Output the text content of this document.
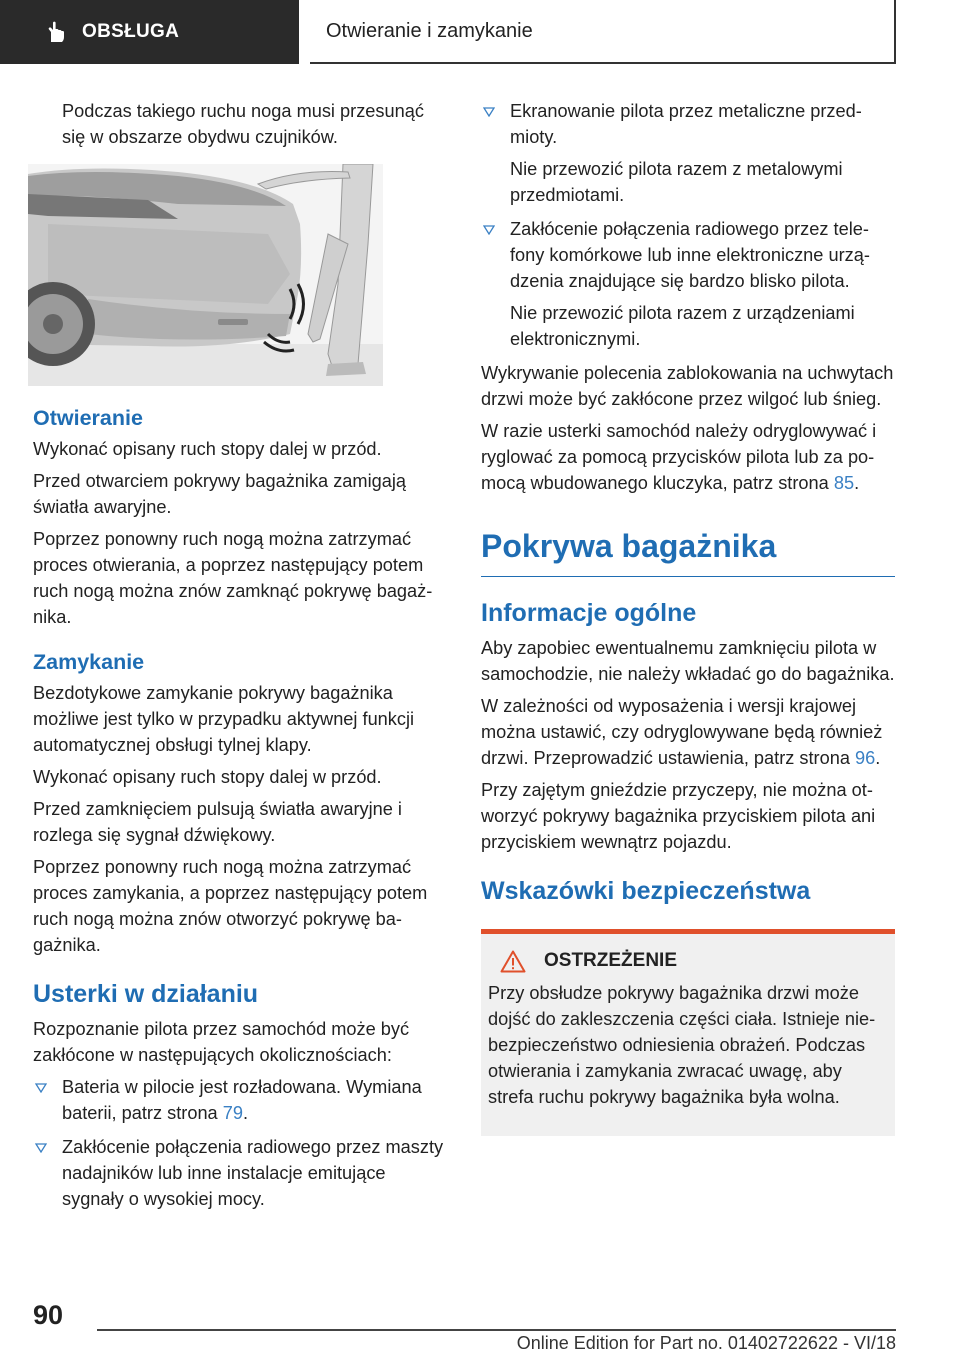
OBSŁUGA	Otwieranie i zamykanie

Podczas takiego ruchu noga musi przesunąć się w obszarze obydwu czujników.

Otwieranie

Wykonać opisany ruch stopy dalej w przód.

Przed otwarciem pokrywy bagażnika zamigają światła awaryjne.

Poprzez ponowny ruch nogą można zatrzymać proces otwierania, a poprzez następujący potem ruch nogą można znów zamknąć pokrywę bagażnika.

Zamykanie

Bezdotykowe zamykanie pokrywy bagażnika możliwe jest tylko w przypadku aktywnej funkcji automatycznej obsługi tylnej klapy.

Wykonać opisany ruch stopy dalej w przód.

Przed zamknięciem pulsują światła awaryjne i rozlega się sygnał dźwiękowy.

Poprzez ponowny ruch nogą można zatrzymać proces zamykania, a poprzez następujący potem ruch nogą można znów otworzyć pokrywę bagażnika.

Usterki w działaniu

Rozpoznanie pilota przez samochód może być zakłócone w następujących okolicznościach:

Bateria w pilocie jest rozładowana. Wymiana baterii, patrz strona 79.

Zakłócenie połączenia radiowego przez maszty nadajników lub inne instalacje emitujące sygnały o wysokiej mocy.

Ekranowanie pilota przez metaliczne przedmioty.

Nie przewozić pilota razem z metalowymi przedmiotami.

Zakłócenie połączenia radiowego przez telefony komórkowe lub inne elektroniczne urządzenia znajdujące się bardzo blisko pilota.

Nie przewozić pilota razem z urządzeniami elektronicznymi.

Wykrywanie polecenia zablokowania na uchwytach drzwi może być zakłócone przez wilgoć lub śnieg.

W razie usterki samochód należy odryglowywać i ryglować za pomocą przycisków pilota lub za pomocą wbudowanego kluczyka, patrz strona 85.

Pokrywa bagażnika
Informacje ogólne

Aby zapobiec ewentualnemu zamknięciu pilota w samochodzie, nie należy wkładać go do bagażnika.

W zależności od wyposażenia i wersji krajowej można ustawić, czy odryglowywane będą również drzwi. Przeprowadzić ustawienia, patrz strona 96.

Przy zajętym gnieździe przyczepy, nie można otworzyć pokrywy bagażnika przyciskiem pilota ani przyciskiem wewnątrz pojazdu.

Wskazówki bezpieczeństwa
OSTRZEŻENIE

Przy obsłudze pokrywy bagażnika drzwi może dojść do zakleszczenia części ciała. Istnieje niebezpieczeństwo odniesienia obrażeń. Podczas otwierania i zamykania zwracać uwagę, aby strefa ruchu pokrywy bagażnika była wolna.

90
Online Edition for Part no. 01402722622 - VI/18
